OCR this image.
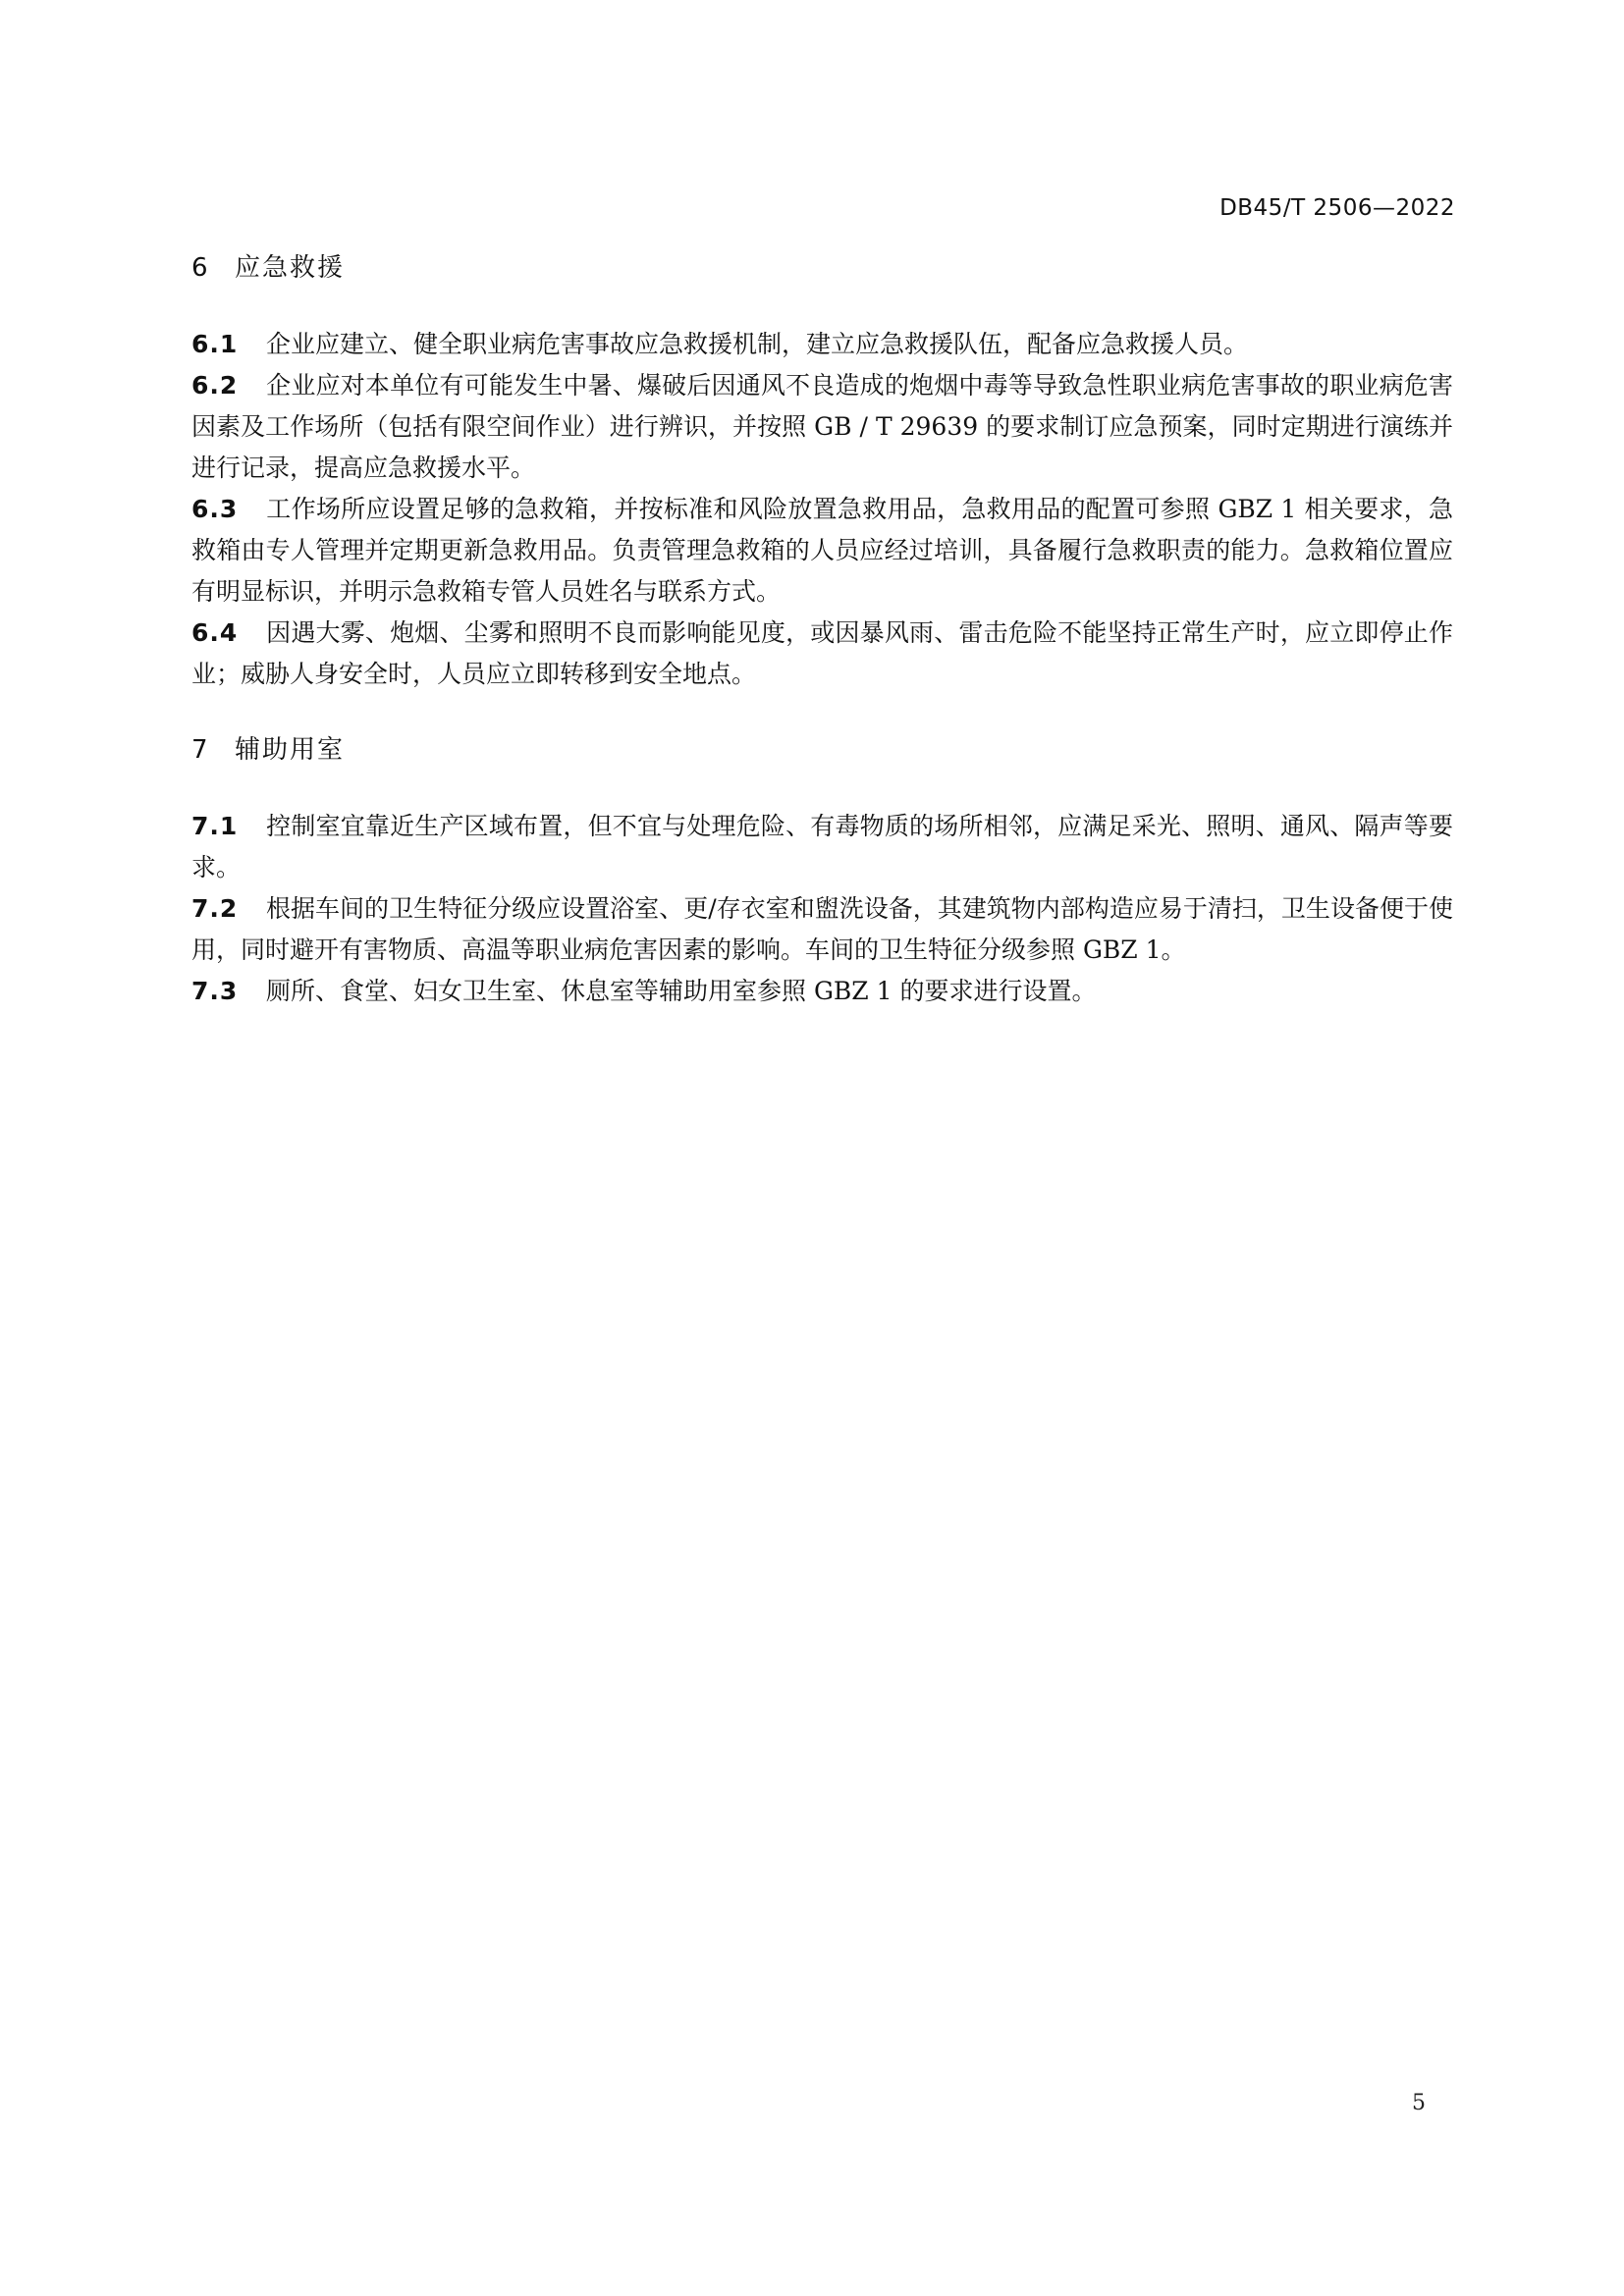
DB45/T 2506—2022
6	应急救援

6.1 企业应建立、健全职业病危害事故应急救援机制，建立应急救援队伍，配备应急救援人员。

6.2 企业应对本单位有可能发生中暑、爆破后因通风不良造成的炮烟中毒等导致急性职业病危害事故的职业病危害因素及工作场所（包括有限空间作业）进行辨识，并按照 GB / T 29639 的要求制订应急预案，同时定期进行演练并进行记录，提高应急救援水平。

6.3 工作场所应设置足够的急救箱，并按标准和风险放置急救用品，急救用品的配置可参照 GBZ 1 相关要求，急救箱由专人管理并定期更新急救用品。负责管理急救箱的人员应经过培训，具备履行急救职责的能力。急救箱位置应有明显标识，并明示急救箱专管人员姓名与联系方式。

6.4 因遇大雾、炮烟、尘雾和照明不良而影响能见度，或因暴风雨、雷击危险不能坚持正常生产时，应立即停止作业；威胁人身安全时，人员应立即转移到安全地点。

7	辅助用室

7.1 控制室宜靠近生产区域布置，但不宜与处理危险、有毒物质的场所相邻，应满足采光、照明、通风、隔声等要求。

7.2 根据车间的卫生特征分级应设置浴室、更/存衣室和盥洗设备，其建筑物内部构造应易于清扫，卫生设备便于使用，同时避开有害物质、高温等职业病危害因素的影响。车间的卫生特征分级参照 GBZ 1。

7.3 厕所、食堂、妇女卫生室、休息室等辅助用室参照 GBZ 1 的要求进行设置。

5
